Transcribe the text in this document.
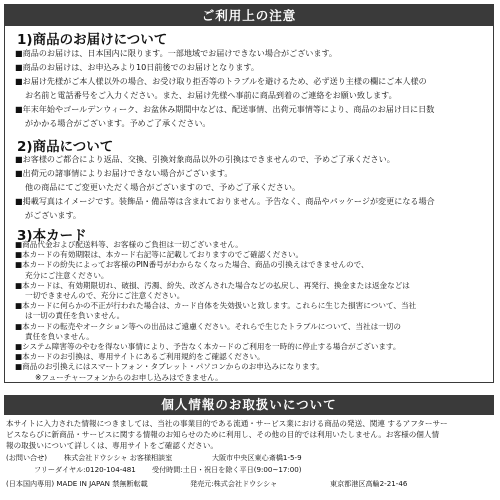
ご利用上の注意
1)商品のお届けについて
■商品のお届けは、日本国内に限ります。一部地域でお届けできない場合がございます。
■商品のお届けは、お申込みより10日前後でのお届けとなります。
■お届け先様がご本人様以外の場合、お受け取り拒否等のトラブルを避けるため、必ず送り主様の欄にご本人様の
お名前と電話番号をご入力ください。また、お届け先様へ事前に商品到着のご連絡をお願い致します。
■年末年始やゴールデンウィーク、お盆休み期間中などは、配送事情、出荷元事情等により、商品のお届け日に日数
がかかる場合がございます。予めご了承ください。
2)商品について
■お客様のご都合により返品、交換、引換対象商品以外の引換はできませんので、予めご了承ください。
■出荷元の諸事情によりお届けできない場合がございます。
他の商品にてご変更いただく場合がございますので、予めご了承ください。
■掲載写真はイメージです。装飾品・備品等は含まれておりません。予告なく、商品やパッケージが変更になる場合
がございます。
3)本カード
■商品代金および配送料等、お客様のご負担は一切ございません。
■本カードの有効期限は、本カード右記等に記載しておりますのでご確認ください。
■本カードの紛失によってお客様のPIN番号がわからなくなった場合、商品の引換えはできませんので、
充分にご注意ください。
■本カードは、有効期限切れ、破損、汚濁、紛失、改ざんされた場合などの払戻し、再発行、換金または返金などは
一切できませんので、充分にご注意ください。
■本カードに何らかの不正が行われた場合は、カード自体を失効扱いと致します。これらに生じた損害について、当社
は一切の責任を負いません。
■本カードの転売やオークション等への出品はご遠慮ください。それらで生じたトラブルについて、当社は一切の
責任を負いません。
■システム障害等のやむを得ない事情により、予告なく本カードのご利用を一時的に停止する場合がございます。
■本カードのお引換は、専用サイトにあるご利用規約をご確認ください。
■商品のお引換えにはスマートフォン・タブレット・パソコンからのお申込みになります。
※フューチャーフォンからのお申し込みはできません。
個人情報のお取扱いについて
本サイトに入力された情報につきましては、当社の事業目的である流通・サービス業における商品の発送、関連 するアフターサー
ビスならびに新商品・サービスに関する情報のお知らせのために利用し、その他の目的では利用いたしません。お客様の個人情
報の取扱いについて詳しくは、専用サイトをご確認ください。
(お問い合せ) 株式会社ドウシシャ お客様相談室	大阪市中央区東心斎橋1-5-9
フリーダイヤル:0120-104-481 受付時間:土日・祝日を除く平日(9:00~17:00)
(日本国内専用) MADE IN JAPAN 禁無断転載	発売元:株式会社ドウシシャ	東京都港区高輪2-21-46
